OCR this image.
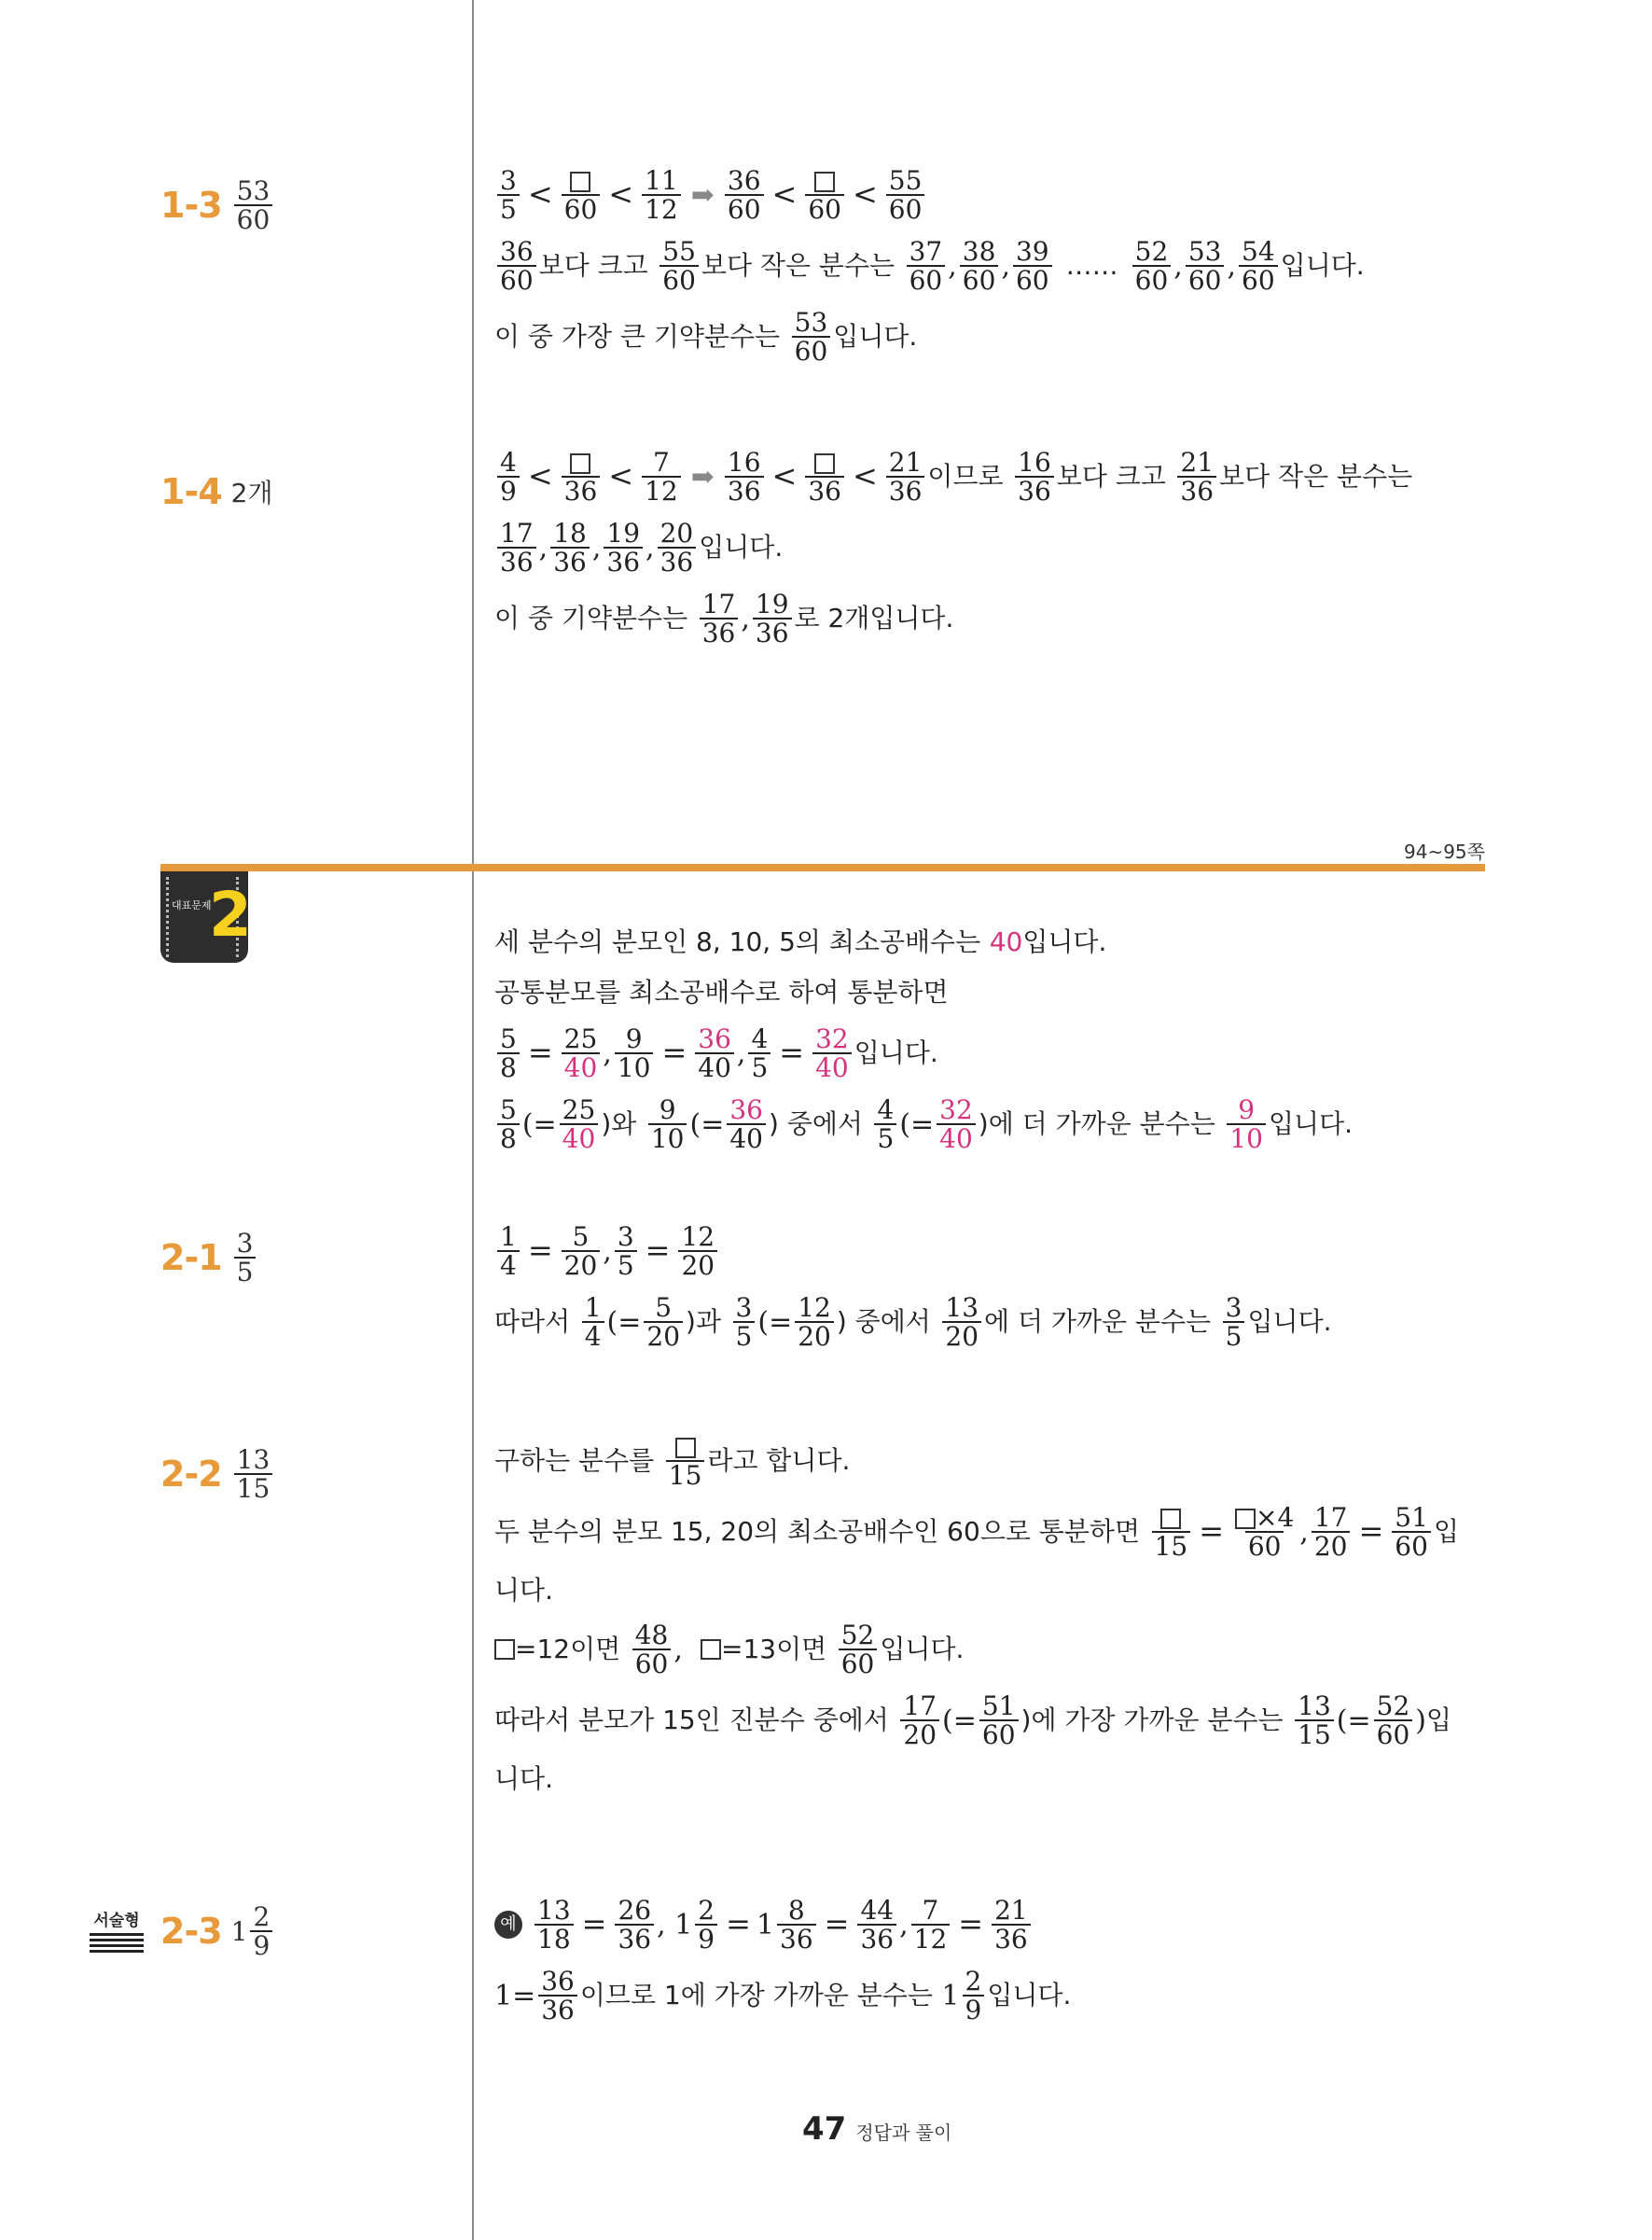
$1-3 \frac{53}{60}$	$\frac{3}{5} < 60 < \frac{11}{12}$ ➡ $\frac{36}{60} < 60 < \frac{55}{60}$
$\frac{36}{60}$ 보다 크고
$\frac{55}{60}$ 보다 작은 분수는
$\frac{37}{60}$ , $\frac{38}{60}$ , $\frac{39}{60}$ …… $\frac{52}{60}$ , $\frac{53}{60}$ , $\frac{54}{60}$ 입니다.
이 중 가장 큰 기약분수는
$\frac{53}{60}$ 입니다.
1-4 2개	$\frac{4}{9} < 36 < \frac{7}{12}$ ➡ $\frac{16}{36} < 36 < \frac{21}{36}$ 이므로
$\frac{16}{36}$ 보다 크고
$\frac{21}{36}$ 보다 작은 분수는
$\frac{17}{36}$ , $\frac{18}{36}$ , $\frac{19}{36}$ , $\frac{20}{36}$ 입니다.
이 중 기약분수는
$\frac{17}{36}$ , $\frac{19}{36}$ 로 2개입니다.
94~95쪽
대표문제
2	세 분수의 분모인 8, 10, 5의 최소공배수는
40 입니다.
공통분모를 최소공배수로 하여 통분하면
$\frac{5}{8} = \frac{25}{40}$ , $\frac{9}{10} = \frac{36}{40}$ , $\frac{4}{5} = \frac{32}{40}$ 입니다.
$\frac{5}{8}$ (= $\frac{25}{40}$ )와
$\frac{9}{10}$ (= $\frac{36}{40}$ ) 중에서
$\frac{4}{5}$ (= $\frac{32}{40}$ )에 더 가까운 분수는
$\frac{9}{10}$ 입니다.
$2-1 \frac{3}{5}$	$\frac{1}{4} = \frac{5}{20}$ , $\frac{3}{5} = \frac{12}{20}$
따라서
$\frac{1}{4}$ (= $\frac{5}{20}$ )과
$\frac{3}{5}$ (= $\frac{12}{20}$ ) 중에서
$\frac{13}{20}$ 에 더 가까운 분수는
$\frac{3}{5}$ 입니다.
$2-2 \frac{13}{15}$	구하는 분수를
15 라고 합니다.
두 분수의 분모 15, 20의 최소공배수인 60으로 통분하면
$15 = \frac{\times 4}{60}$ , $\frac{17}{20} = \frac{51}{60}$ 입
니다.
=12이면
$\frac{48}{60}$ , =13이면
$\frac{52}{60}$ 입니다.
따라서 분모가 15인 진분수 중에서
$\frac{17}{20}$ (= $\frac{51}{60}$ )에 가장 가까운 분수는
$\frac{13}{15}$ (= $\frac{52}{60}$ ) 입
니다.
서술형 2-3 $1 \frac{2}{9}$	예 $\frac{13}{18} = \frac{26}{36}$ , $1 \frac{2}{9} = 1 \frac{8}{36} = \frac{44}{36}$ , $\frac{7}{12} = \frac{21}{36}$
$1= \frac{36}{36}$ 이므로 1에 가장 가까운 분수는 $1 \frac{2}{9}$ 입니다.
47 정답과 풀이
